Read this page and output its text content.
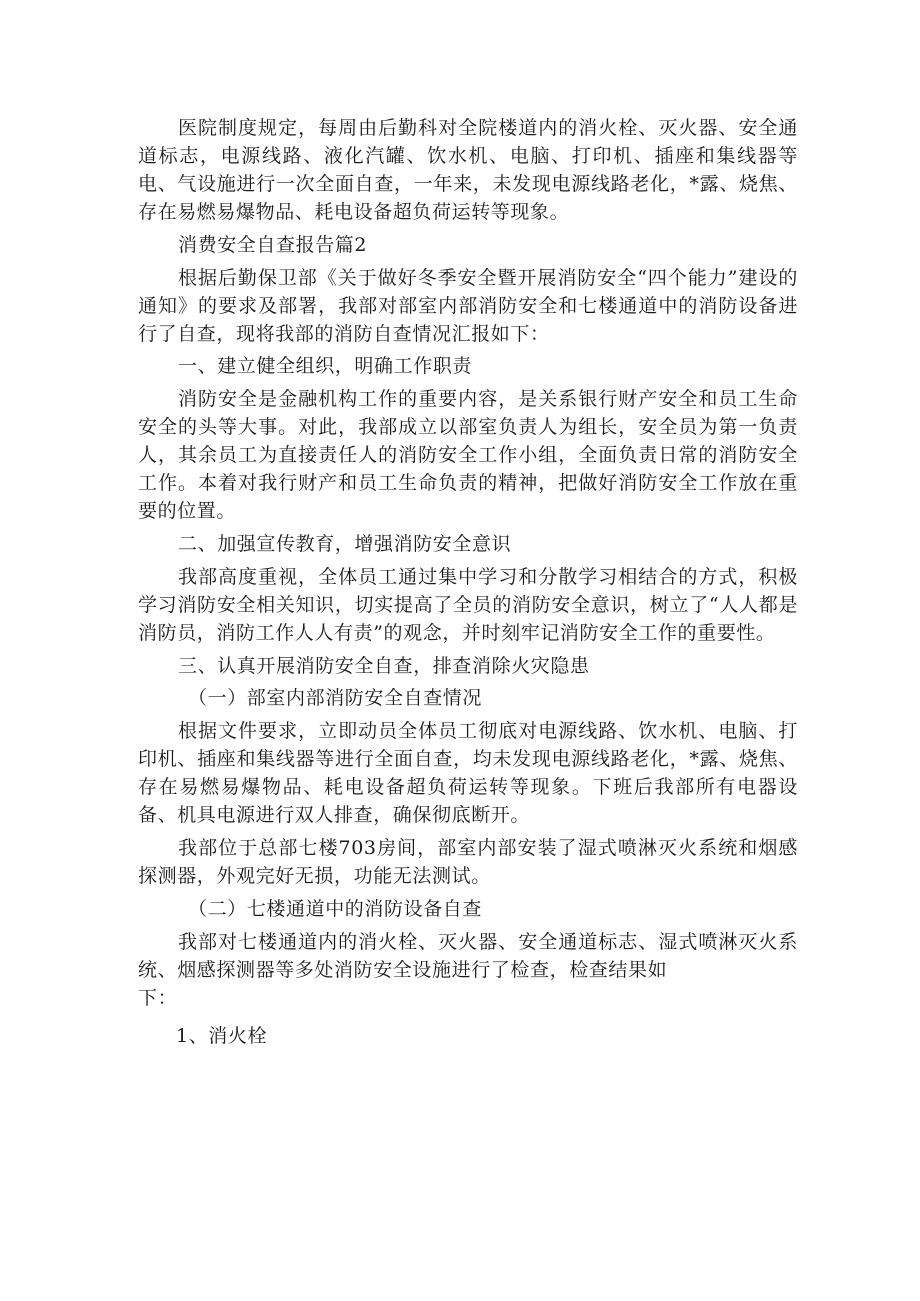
医院制度规定，每周由后勤科对全院楼道内的消火栓、灭火器、安全通道标志，电源线路、液化汽罐、饮水机、电脑、打印机、插座和集线器等电、气设施进行一次全面自查，一年来，未发现电源线路老化，*露、烧焦、存在易燃易爆物品、耗电设备超负荷运转等现象。

消费安全自查报告篇2

根据后勤保卫部《关于做好冬季安全暨开展消防安全“四个能力”建设的通知》的要求及部署，我部对部室内部消防安全和七楼通道中的消防设备进行了自查，现将我部的消防自查情况汇报如下：

一、建立健全组织，明确工作职责

消防安全是金融机构工作的重要内容，是关系银行财产安全和员工生命安全的头等大事。对此，我部成立以部室负责人为组长，安全员为第一负责人，其余员工为直接责任人的消防安全工作小组，全面负责日常的消防安全工作。本着对我行财产和员工生命负责的精神，把做好消防安全工作放在重要的位置。

二、加强宣传教育，增强消防安全意识

我部高度重视，全体员工通过集中学习和分散学习相结合的方式，积极学习消防安全相关知识，切实提高了全员的消防安全意识，树立了“人人都是消防员，消防工作人人有责”的观念，并时刻牢记消防安全工作的重要性。

三、认真开展消防安全自查，排查消除火灾隐患

（一）部室内部消防安全自查情况

根据文件要求，立即动员全体员工彻底对电源线路、饮水机、电脑、打印机、插座和集线器等进行全面自查，均未发现电源线路老化，*露、烧焦、存在易燃易爆物品、耗电设备超负荷运转等现象。下班后我部所有电器设备、机具电源进行双人排查，确保彻底断开。

我部位于总部七楼703房间，部室内部安装了湿式喷淋灭火系统和烟感探测器，外观完好无损，功能无法测试。

（二）七楼通道中的消防设备自查

我部对七楼通道内的消火栓、灭火器、安全通道标志、湿式喷淋灭火系统、烟感探测器等多处消防安全设施进行了检查，检查结果如

下：

1、消火栓
